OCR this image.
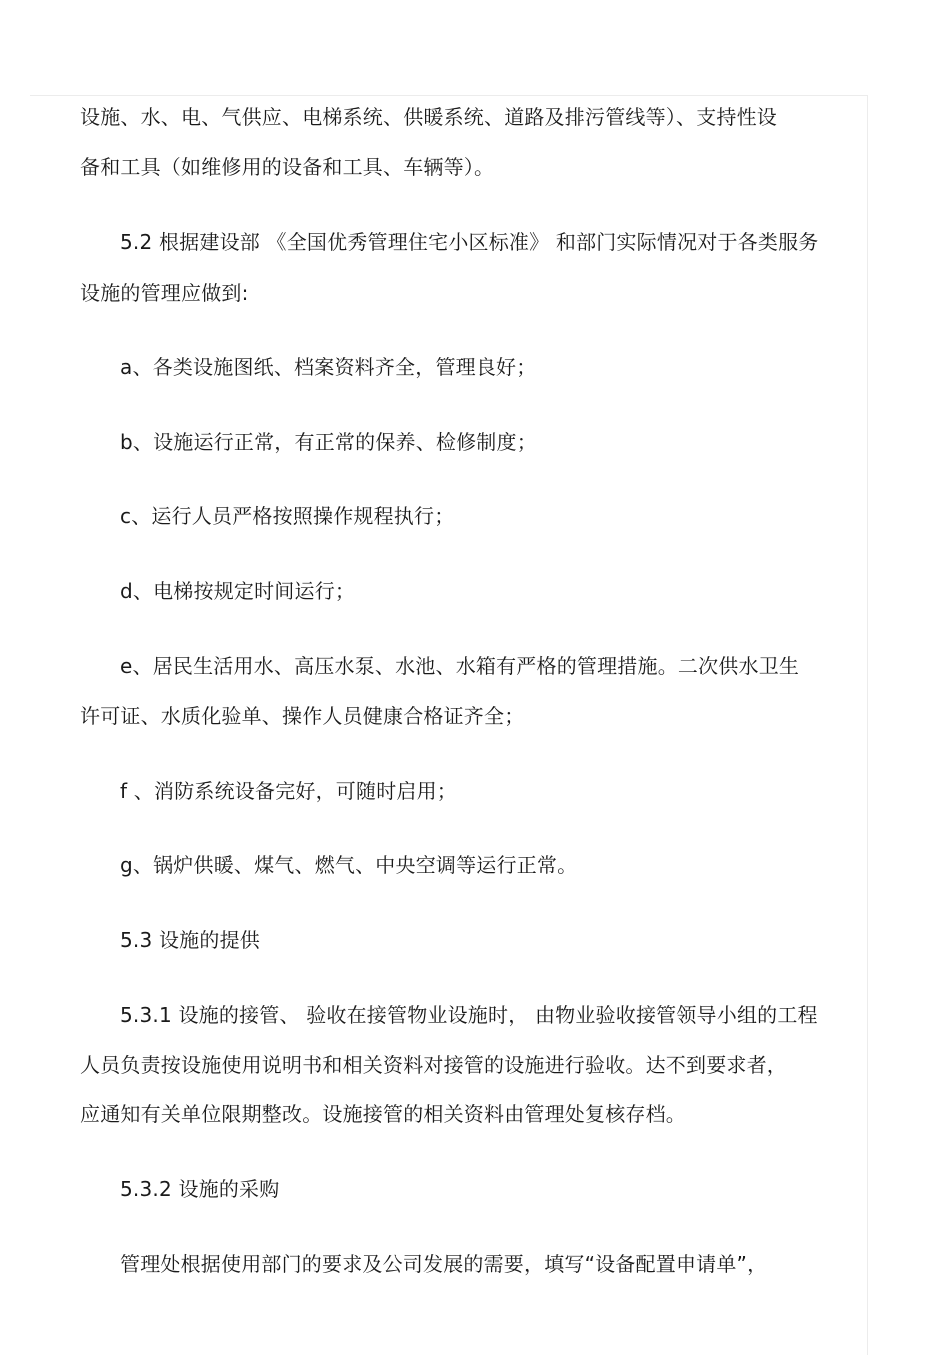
设施、水、电、气供应、电梯系统、供暖系统、道路及排污管线等）、支持性设
备和工具（如维修用的设备和工具、车辆等）。
5.2 根据建设部 《全国优秀管理住宅小区标准》 和部门实际情况对于各类服务
设施的管理应做到:
a、各类设施图纸、档案资料齐全，管理良好；
b、设施运行正常，有正常的保养、检修制度；
c、运行人员严格按照操作规程执行；
d、电梯按规定时间运行；
e、居民生活用水、高压水泵、水池、水箱有严格的管理措施。二次供水卫生
许可证、水质化验单、操作人员健康合格证齐全；
f 、消防系统设备完好，可随时启用；
g、锅炉供暖、煤气、燃气、中央空调等运行正常。
5.3 设施的提供
5.3.1 设施的接管、 验收在接管物业设施时， 由物业验收接管领导小组的工程
人员负责按设施使用说明书和相关资料对接管的设施进行验收。达不到要求者，
应通知有关单位限期整改。设施接管的相关资料由管理处复核存档。
5.3.2 设施的采购
管理处根据使用部门的要求及公司发展的需要，填写“设备配置申请单”，
